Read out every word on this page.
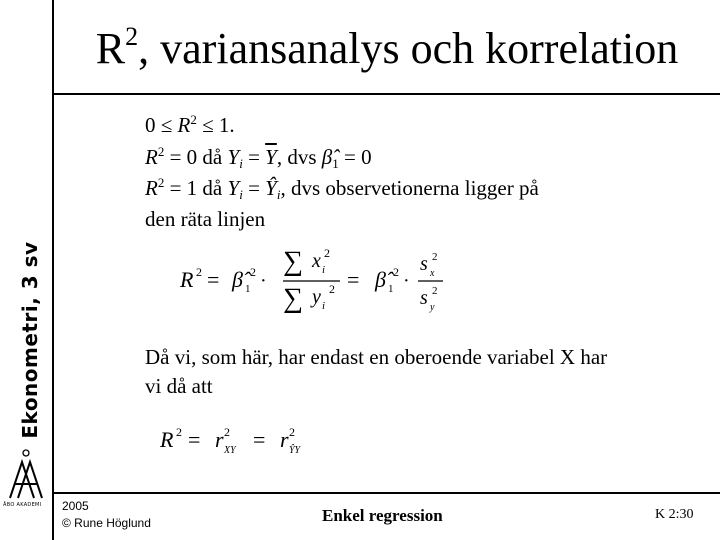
Ekonometri, 3 sv
ÅBO AKADEMI
$R^2$, variansanalys och korrelation
$0 \le R^2 \le 1$.
$R^2 = 0$ då $Y_i = \overline{Y}$, dvs $\betâ_1 = 0$
$R^2 = 1$ då $Y_i$ = $Ŷ_i$, dvs observetionerna ligger på
den räta linjen
R 2 = β̂ 1
2 ·
∑ x i
2
∑ y i
2 = β̂ 1
2 ·
s x
2
s y
2
Då vi, som här, har endast en oberoende variabel X har
vi då att
R 2 = r 2
XY = r 2
ŶY
2005
© Rune Höglund	Enkel regression	K 2:30
